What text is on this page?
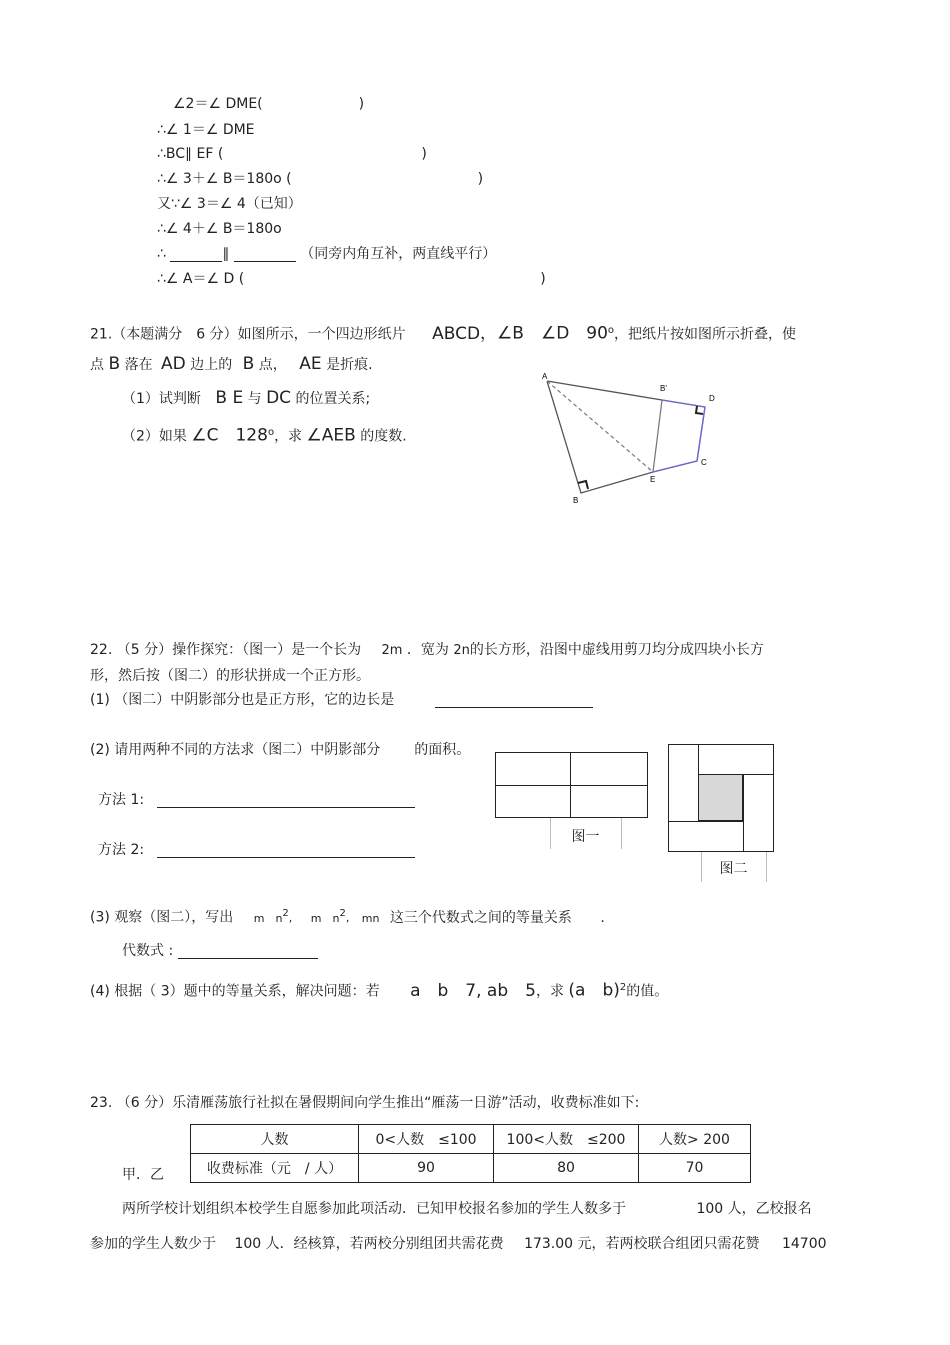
∠2＝∠ DME(	)
∴∠ 1＝∠ DME
∴BC∥ EF (	)
∴∠ 3＋∠ B＝180o (	)
又∵∠ 3＝∠ 4（已知）
∴∠ 4＋∠ B＝180o
∴	∥	（同旁内角互补，两直线平行）
∴∠ A＝∠ D (	)
21.（本题满分　6 分）如图所示，一个四边形纸片 ABCD，∠B　∠D　90$^o$，把纸片按如图所示折叠，使
点 B 落在 AD 边上的 B 点， AE 是折痕.
（1）试判断 B E 与 DC 的位置关系;
（2）如果 ∠C　128$^o$，求 ∠AEB 的度数.
A
B'
D
C
E
B
22. （5 分）操作探究：（图一）是一个长为 2m ．宽为 2n的长方形，沿图中虚线用剪刀均分成四块小长方
形，然后按（图二）的形状拼成一个正方形。
(1) （图二）中阴影部分也是正方形，它的边长是
(2) 请用两种不同的方法求（图二）中阴影部分 的面积。
方法 1:
方法 2:
图一
图二
(3) 观察（图二），写出 m　$n^2$, m　$n^2$, mn 这三个代数式之间的等量关系 .
代数式 :
(4) 根据（ 3）题中的等量关系，解决问题：若 a　b　7, ab　5，求 (a　b)$^2$的值。
23. （6 分）乐清雁荡旅行社拟在暑假期间向学生推出“雁荡一日游”活动，收费标准如下:
人数	0<人数　≤100	100<人数　≤200	人数> 200
收费标准（元　/ 人）	90	80	70
甲．乙
两所学校计划组织本校学生自愿参加此项活动．已知甲校报名参加的学生人数多于	100 人，乙校报名
参加的学生人数少于 100 人．经核算，若两校分别组团共需花费 173.00 元，若两校联合组团只需花赞 14700
